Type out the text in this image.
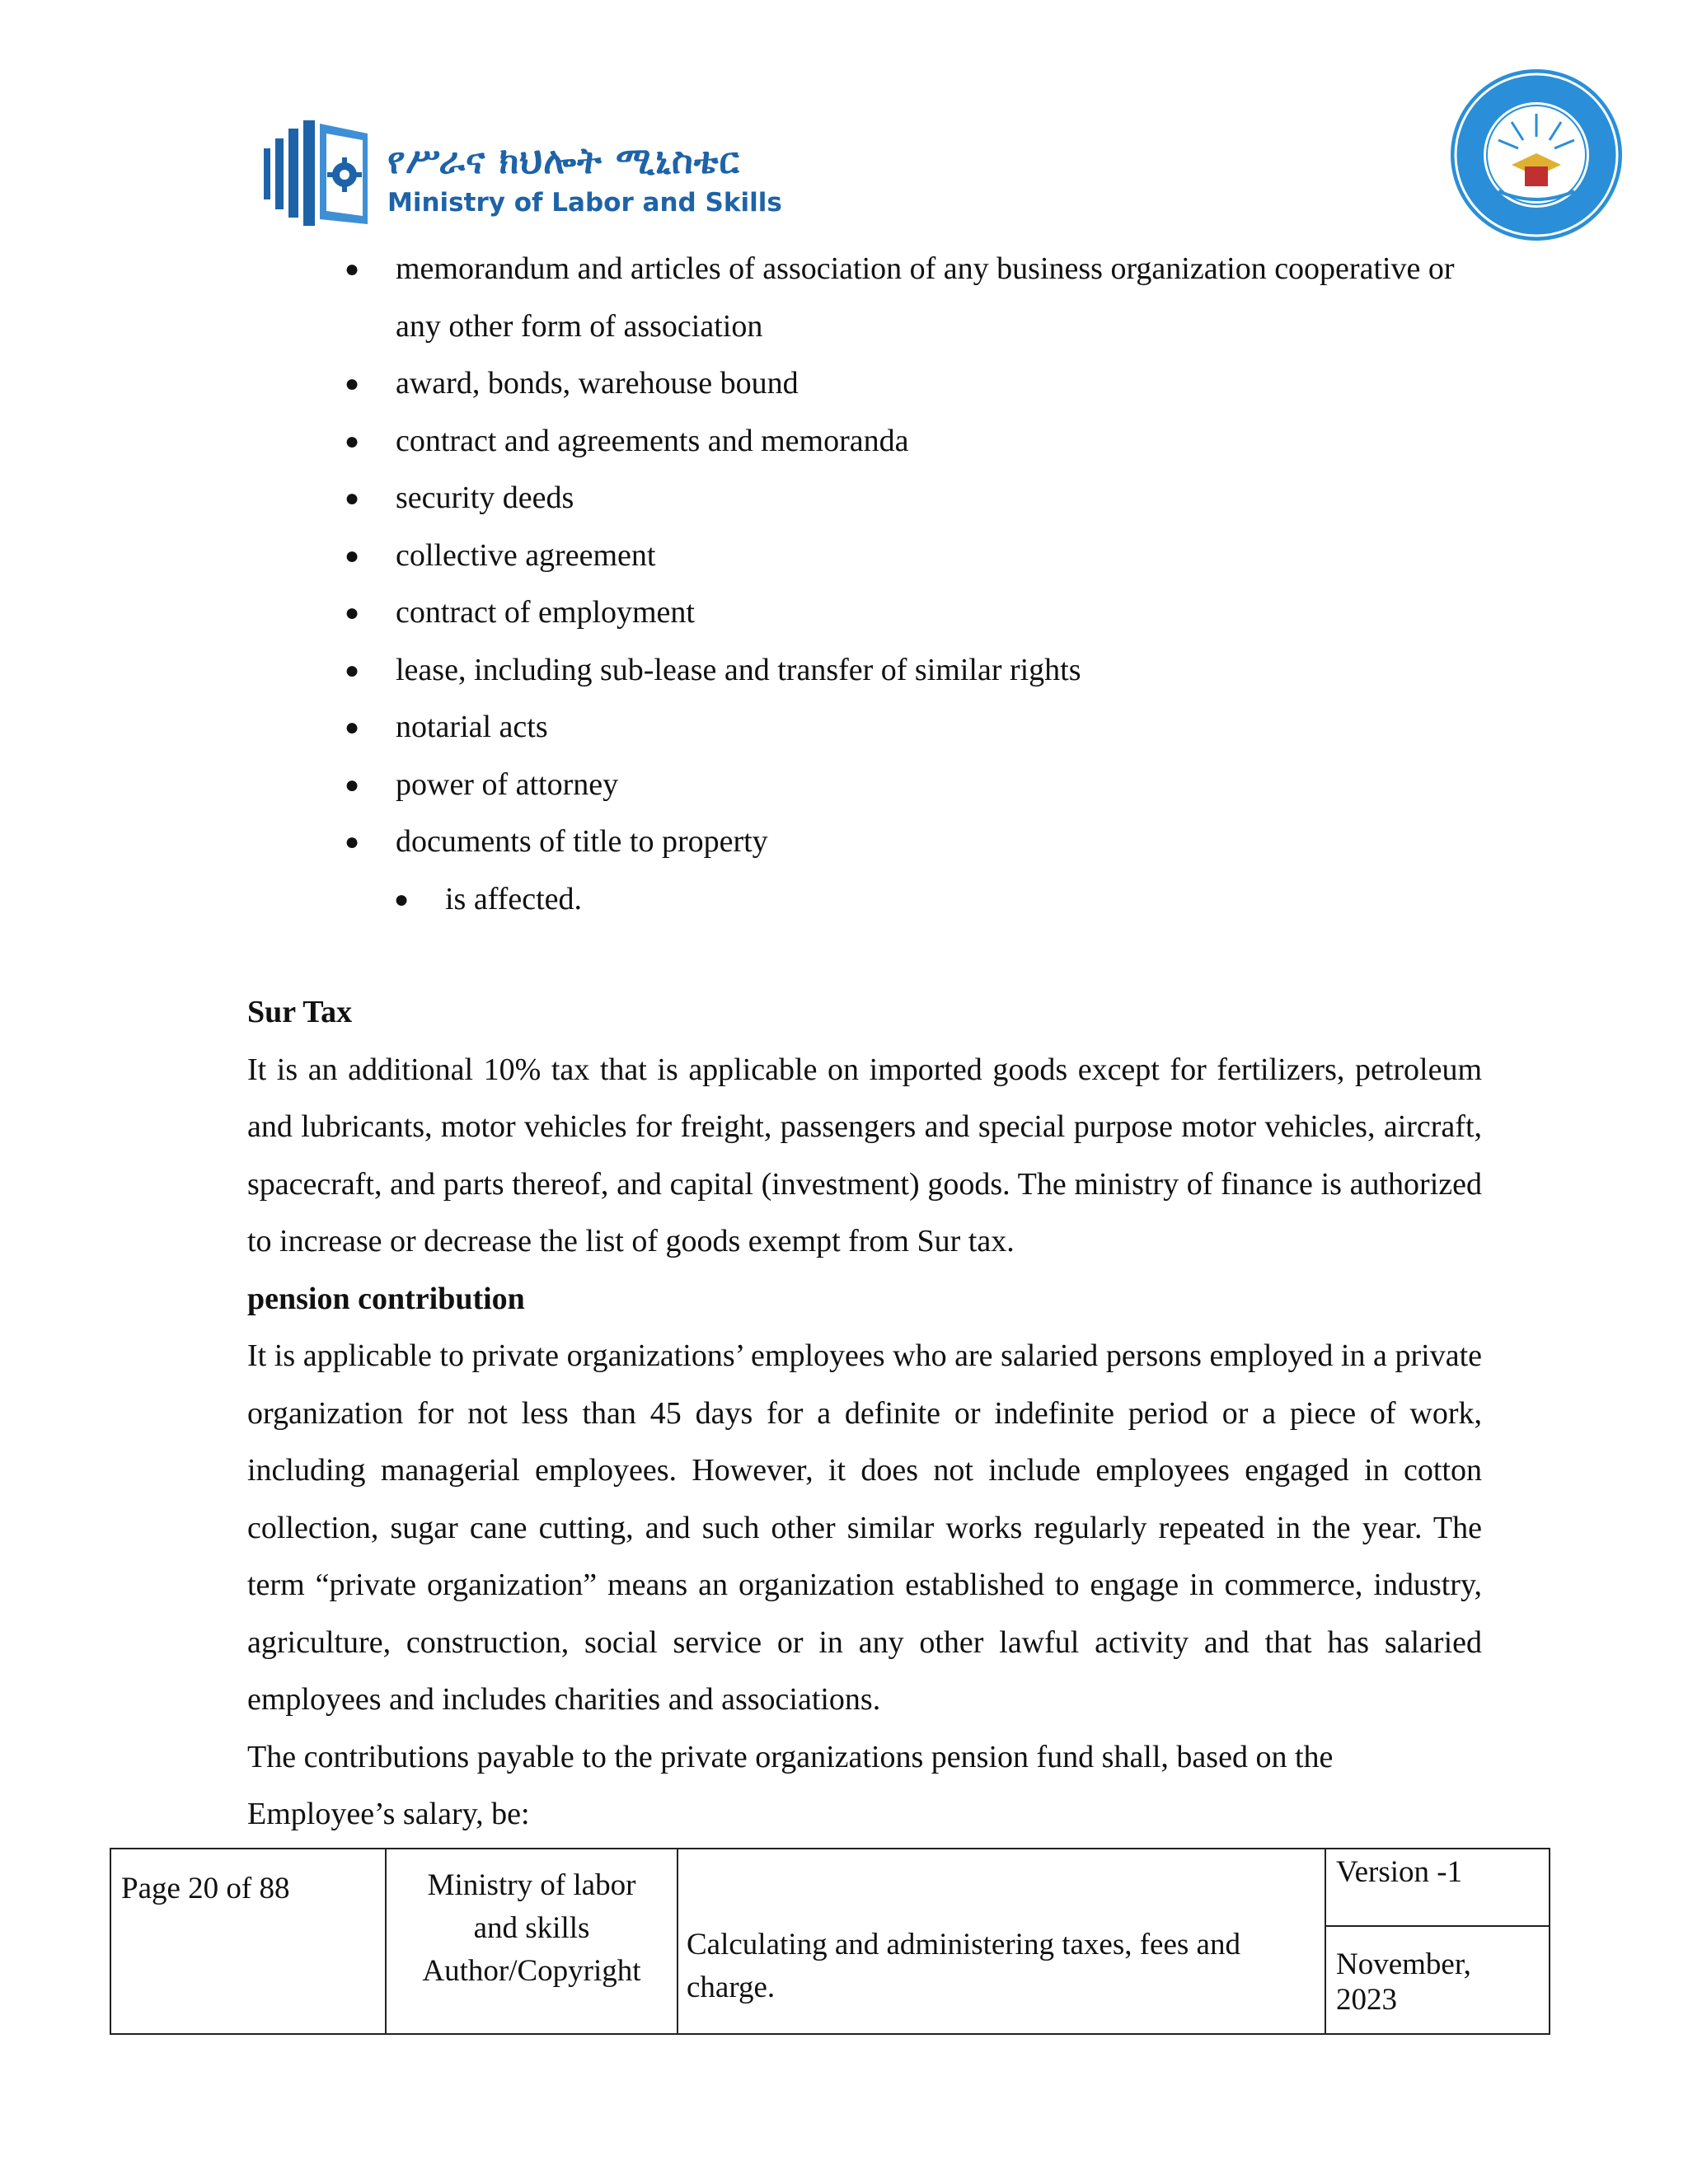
የሥራና ክህሎት ሚኒስቴር
Ministry of Labor and Skills
● memorandum and articles of association of any business organization cooperative or any other form of association
● award, bonds, warehouse bound
● contract and agreements and memoranda
● security deeds
● collective agreement
● contract of employment
● lease, including sub-lease and transfer of similar rights
● notarial acts
● power of attorney
● documents of title to property
● is affected.
Sur Tax

It is an additional 10% tax that is applicable on imported goods except for fertilizers, petroleum and lubricants, motor vehicles for freight, passengers and special purpose motor vehicles, aircraft, spacecraft, and parts thereof, and capital (investment) goods. The ministry of finance is authorized to increase or decrease the list of goods exempt from Sur tax.

pension contribution

It is applicable to private organizations’ employees who are salaried persons employed in a private organization for not less than 45 days for a definite or indefinite period or a piece of work, including managerial employees. However, it does not include employees engaged in cotton collection, sugar cane cutting, and such other similar works regularly repeated in the year. The term “private organization” means an organization established to engage in commerce, industry, agriculture, construction, social service or in any other lawful activity and that has salaried employees and includes charities and associations.

The contributions payable to the private organizations pension fund shall, based on the

Employee’s salary, be:

Page 20 of 88	Ministry of labor
and skills
Author/Copyright
	Calculating and administering taxes, fees and charge.	Version -1
November, 2023
